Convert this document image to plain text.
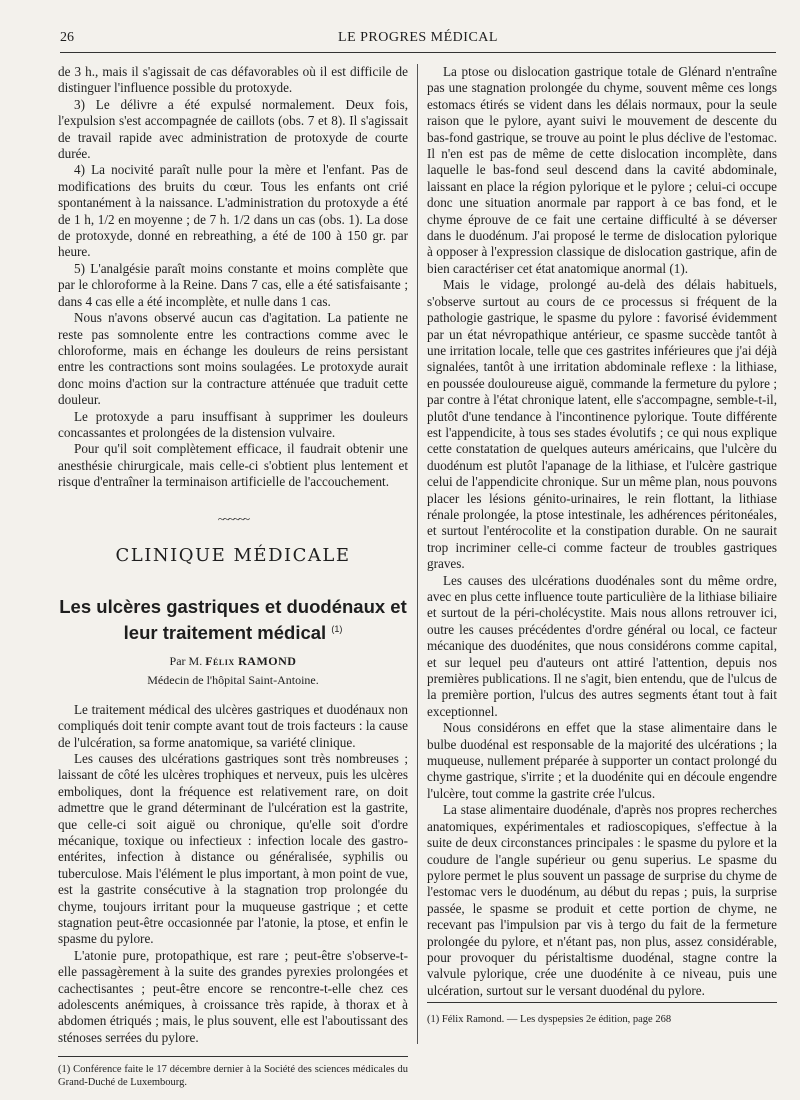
26	LE PROGRES MÉDICAL

de 3 h., mais il s'agissait de cas défavorables où il est difficile de distinguer l'influence possible du protoxyde.

3) Le délivre a été expulsé normalement. Deux fois, l'expulsion s'est accompagnée de caillots (obs. 7 et 8). Il s'agissait de travail rapide avec administration de protoxyde de courte durée.

4) La nocivité paraît nulle pour la mère et l'enfant. Pas de modifications des bruits du cœur. Tous les enfants ont crié spontanément à la naissance. L'administration du protoxyde a été de 1 h, 1/2 en moyenne ; de 7 h. 1/2 dans un cas (obs. 1). La dose de protoxyde, donné en rebreathing, a été de 100 à 150 gr. par heure.

5) L'analgésie paraît moins constante et moins complète que par le chloroforme à la Reine. Dans 7 cas, elle a été satisfaisante ; dans 4 cas elle a été incomplète, et nulle dans 1 cas.

Nous n'avons observé aucun cas d'agitation. La patiente ne reste pas somnolente entre les contractions comme avec le chloroforme, mais en échange les douleurs de reins persistant entre les contractions sont moins soulagées. Le protoxyde aurait donc moins d'action sur la contracture atténuée que traduit cette douleur.

Le protoxyde a paru insuffisant à supprimer les douleurs concassantes et prolongées de la distension vulvaire.

Pour qu'il soit complètement efficace, il faudrait obtenir une anesthésie chirurgicale, mais celle-ci s'obtient plus lentement et risque d'entraîner la terminaison artificielle de l'accouchement.

~~~~~~
CLINIQUE MÉDICALE
Les ulcères gastriques et duodénaux et leur traitement médical $^{(1)}$
Par M. Félix RAMOND
Médecin de l'hôpital Saint-Antoine.

Le traitement médical des ulcères gastriques et duodénaux non compliqués doit tenir compte avant tout de trois facteurs : la cause de l'ulcération, sa forme anatomique, sa variété clinique.

Les causes des ulcérations gastriques sont très nombreuses ; laissant de côté les ulcères trophiques et nerveux, puis les ulcères emboliques, dont la fréquence est relativement rare, on doit admettre que le grand déterminant de l'ulcération est la gastrite, que celle-ci soit aiguë ou chronique, qu'elle soit d'ordre mécanique, toxique ou infectieux : infection locale des gastro-entérites, infection à distance ou généralisée, syphilis ou tuberculose. Mais l'élément le plus important, à mon point de vue, est la gastrite consécutive à la stagnation trop prolongée du chyme, toujours irritant pour la muqueuse gastrique ; et cette stagnation peut-être occasionnée par l'atonie, la ptose, et enfin le spasme du pylore.

L'atonie pure, protopathique, est rare ; peut-être s'observe-t-elle passagèrement à la suite des grandes pyrexies prolongées et cachectisantes ; peut-être encore se rencontre-t-elle chez ces adolescents anémiques, à croissance très rapide, à thorax et à abdomen étriqués ; mais, le plus souvent, elle est l'aboutissant des sténoses serrées du pylore.

(1) Conférence faite le 17 décembre dernier à la Société des sciences médicales du Grand-Duché de Luxembourg.

La ptose ou dislocation gastrique totale de Glénard n'entraîne pas une stagnation prolongée du chyme, souvent même ces longs estomacs étirés se vident dans les délais normaux, pour la seule raison que le pylore, ayant suivi le mouvement de descente du bas-fond gastrique, se trouve au point le plus déclive de l'estomac. Il n'en est pas de même de cette dislocation incomplète, dans laquelle le bas-fond seul descend dans la cavité abdominale, laissant en place la région pylorique et le pylore ; celui-ci occupe donc une situation anormale par rapport à ce bas fond, et le chyme éprouve de ce fait une certaine difficulté à se déverser dans le duodénum. J'ai proposé le terme de dislocation pylorique à opposer à l'expression classique de dislocation gastrique, afin de bien caractériser cet état anatomique anormal (1).

Mais le vidage, prolongé au-delà des délais habituels, s'observe surtout au cours de ce processus si fréquent de la pathologie gastrique, le spasme du pylore : favorisé évidemment par un état névropathique antérieur, ce spasme succède tantôt à une irritation locale, telle que ces gastrites inférieures que j'ai déjà signalées, tantôt à une irritation abdominale reflexe : la lithiase, en poussée douloureuse aiguë, commande la fermeture du pylore ; par contre à l'état chronique latent, elle s'accompagne, semble-t-il, plutôt d'une tendance à l'incontinence pylorique. Toute différente est l'appendicite, à tous ses stades évolutifs ; ce qui nous explique cette constatation de quelques auteurs américains, que l'ulcère du duodénum est plutôt l'apanage de la lithiase, et l'ulcère gastrique celui de l'appendicite chronique. Sur un même plan, nous pouvons placer les lésions génito-urinaires, le rein flottant, la lithiase rénale prolongée, la ptose intestinale, les adhérences péritonéales, et surtout l'entérocolite et la constipation durable. On ne saurait trop incriminer celle-ci comme facteur de troubles gastriques graves.

Les causes des ulcérations duodénales sont du même ordre, avec en plus cette influence toute particulière de la lithiase biliaire et surtout de la péri-cholécystite. Mais nous allons retrouver ici, outre les causes précédentes d'ordre général ou local, ce facteur mécanique des duodénites, que nous considérons comme capital, et sur lequel peu d'auteurs ont attiré l'attention, depuis nos premières publications. Il ne s'agit, bien entendu, que de l'ulcus de la première portion, l'ulcus des autres segments étant tout à fait exceptionnel.

Nous considérons en effet que la stase alimentaire dans le bulbe duodénal est responsable de la majorité des ulcérations ; la muqueuse, nullement préparée à supporter un contact prolongé du chyme gastrique, s'irrite ; et la duodénite qui en découle engendre l'ulcère, tout comme la gastrite crée l'ulcus.

La stase alimentaire duodénale, d'après nos propres recherches anatomiques, expérimentales et radioscopiques, s'effectue à la suite de deux circonstances principales : le spasme du pylore et la coudure de l'angle supérieur ou genu superius. Le spasme du pylore permet le plus souvent un passage de surprise du chyme de l'estomac vers le duodénum, au début du repas ; puis, la surprise passée, le spasme se produit et cette portion de chyme, ne recevant pas l'impulsion par vis à tergo du fait de la fermeture prolongée du pylore, et n'étant pas, non plus, assez considérable, pour provoquer du péristaltisme duodénal, stagne contre la valvule pylorique, crée une duodénite à ce niveau, puis une ulcération, surtout sur le versant duodénal du pylore.

(1) Félix Ramond. — Les dyspepsies 2e édition, page 268
